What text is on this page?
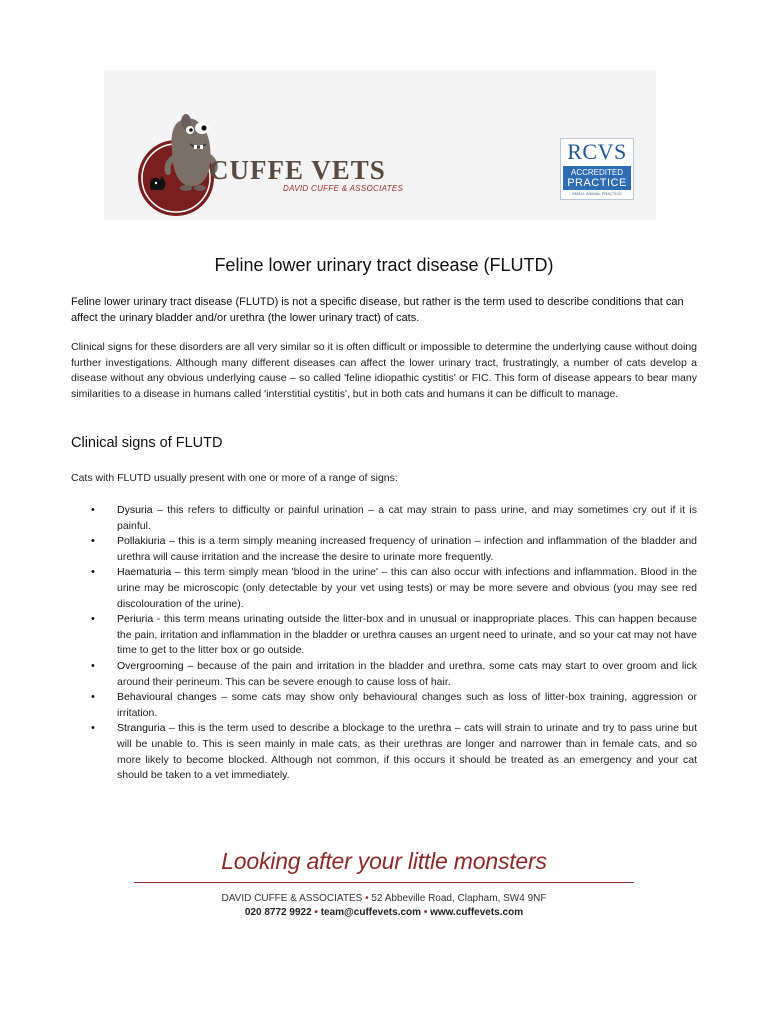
CUFFE VETS
DAVID CUFFE & ASSOCIATES
RCVS
ACCREDITED
PRACTICE
SMALL ANIMAL PRACTICE
Feline lower urinary tract disease (FLUTD)
Feline lower urinary tract disease (FLUTD) is not a specific disease, but rather is the term used to describe conditions that can affect the urinary bladder and/or urethra (the lower urinary tract) of cats.
Clinical signs for these disorders are all very similar so it is often difficult or impossible to determine the underlying cause without doing further investigations. Although many different diseases can affect the lower urinary tract, frustratingly, a number of cats develop a disease without any obvious underlying cause – so called 'feline idiopathic cystitis' or FIC. This form of disease appears to bear many similarities to a disease in humans called 'interstitial cystitis', but in both cats and humans it can be difficult to manage.
Clinical signs of FLUTD
Cats with FLUTD usually present with one or more of a range of signs:
• Dysuria – this refers to difficulty or painful urination – a cat may strain to pass urine, and may sometimes cry out if it is painful.
• Pollakiuria – this is a term simply meaning increased frequency of urination – infection and inflammation of the bladder and urethra will cause irritation and the increase the desire to urinate more frequently.
• Haematuria – this term simply mean 'blood in the urine' – this can also occur with infections and inflammation. Blood in the urine may be microscopic (only detectable by your vet using tests) or may be more severe and obvious (you may see red discolouration of the urine).
• Periuria - this term means urinating outside the litter-box and in unusual or inappropriate places. This can happen because the pain, irritation and inflammation in the bladder or urethra causes an urgent need to urinate, and so your cat may not have time to get to the litter box or go outside.
• Overgrooming – because of the pain and irritation in the bladder and urethra, some cats may start to over groom and lick around their perineum. This can be severe enough to cause loss of hair.
• Behavioural changes – some cats may show only behavioural changes such as loss of litter-box training, aggression or irritation.
• Stranguria – this is the term used to describe a blockage to the urethra – cats will strain to urinate and try to pass urine but will be unable to. This is seen mainly in male cats, as their urethras are longer and narrower than in female cats, and so more likely to become blocked. Although not common, if this occurs it should be treated as an emergency and your cat should be taken to a vet immediately.
Looking after your little monsters
DAVID CUFFE & ASSOCIATES • 52 Abbeville Road, Clapham, SW4 9NF
020 8772 9922 • team@cuffevets.com • www.cuffevets.com
